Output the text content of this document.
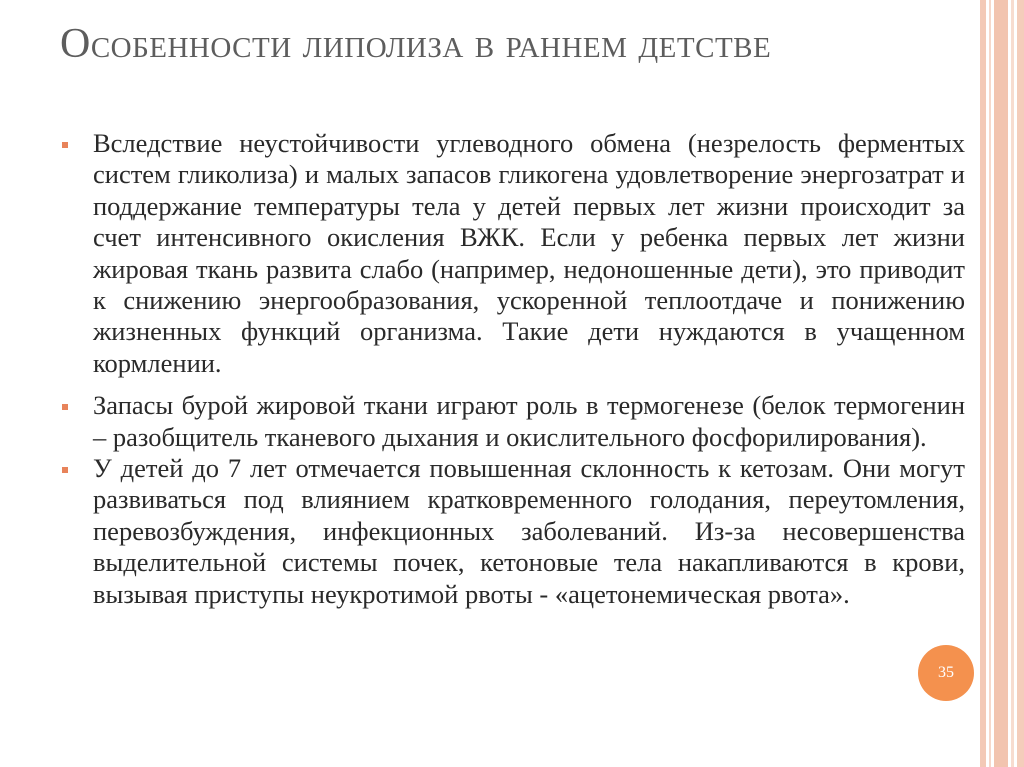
Особенности липолиза в раннем детстве
Вследствие неустойчивости углеводного обмена (незрелость ферментых систем гликолиза) и малых запасов гликогена удовлетворение энергозатрат и поддержание температуры тела у детей первых лет жизни происходит за счет интенсивного окисления ВЖК. Если у ребенка первых лет жизни жировая ткань развита слабо (например, недоношенные дети), это приводит к снижению энергообразования, ускоренной теплоотдаче и понижению жизненных функций организма. Такие дети нуждаются в учащенном кормлении.
Запасы бурой жировой ткани играют роль в термогенезе (белок термогенин – разобщитель тканевого дыхания и окислительного фосфорилирования).
У детей до 7 лет отмечается повышенная склонность к кетозам. Они могут развиваться под влиянием кратковременного голодания, переутомления, перевозбуждения, инфекционных заболеваний. Из-за несовершенства выделительной системы почек, кетоновые тела накапливаются в крови, вызывая приступы неукротимой рвоты - «ацетонемическая рвота».
35
